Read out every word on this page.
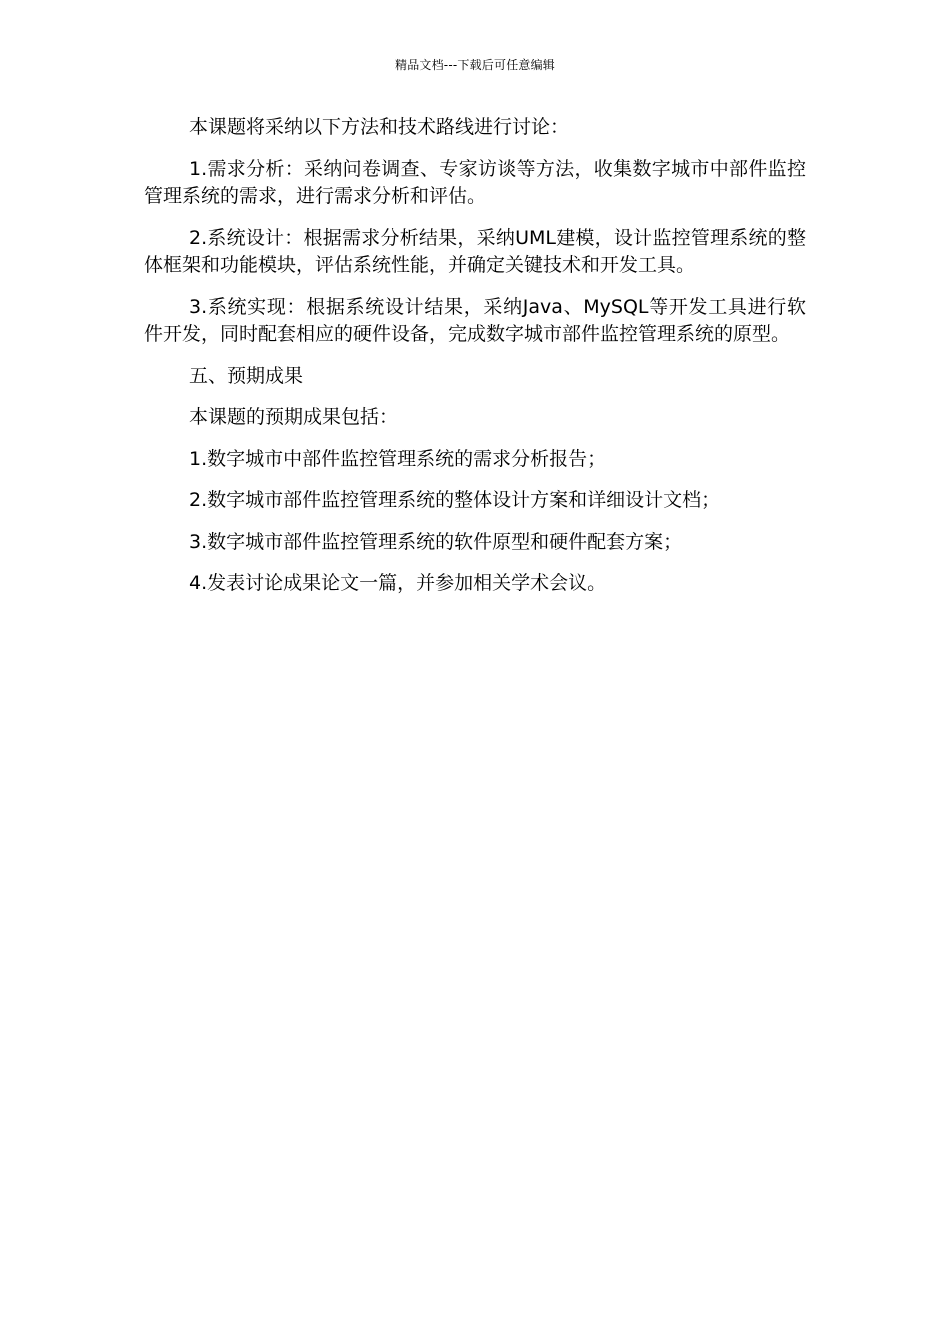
精品文档---下载后可任意编辑

本课题将采纳以下方法和技术路线进行讨论：

1.需求分析：采纳问卷调查、专家访谈等方法，收集数字城市中部件监控管理系统的需求，进行需求分析和评估。

2.系统设计：根据需求分析结果，采纳UML建模，设计监控管理系统的整体框架和功能模块，评估系统性能，并确定关键技术和开发工具。

3.系统实现：根据系统设计结果，采纳Java、MySQL等开发工具进行软件开发，同时配套相应的硬件设备，完成数字城市部件监控管理系统的原型。

五、预期成果

本课题的预期成果包括：

1.数字城市中部件监控管理系统的需求分析报告；

2.数字城市部件监控管理系统的整体设计方案和详细设计文档；

3.数字城市部件监控管理系统的软件原型和硬件配套方案；

4.发表讨论成果论文一篇，并参加相关学术会议。
